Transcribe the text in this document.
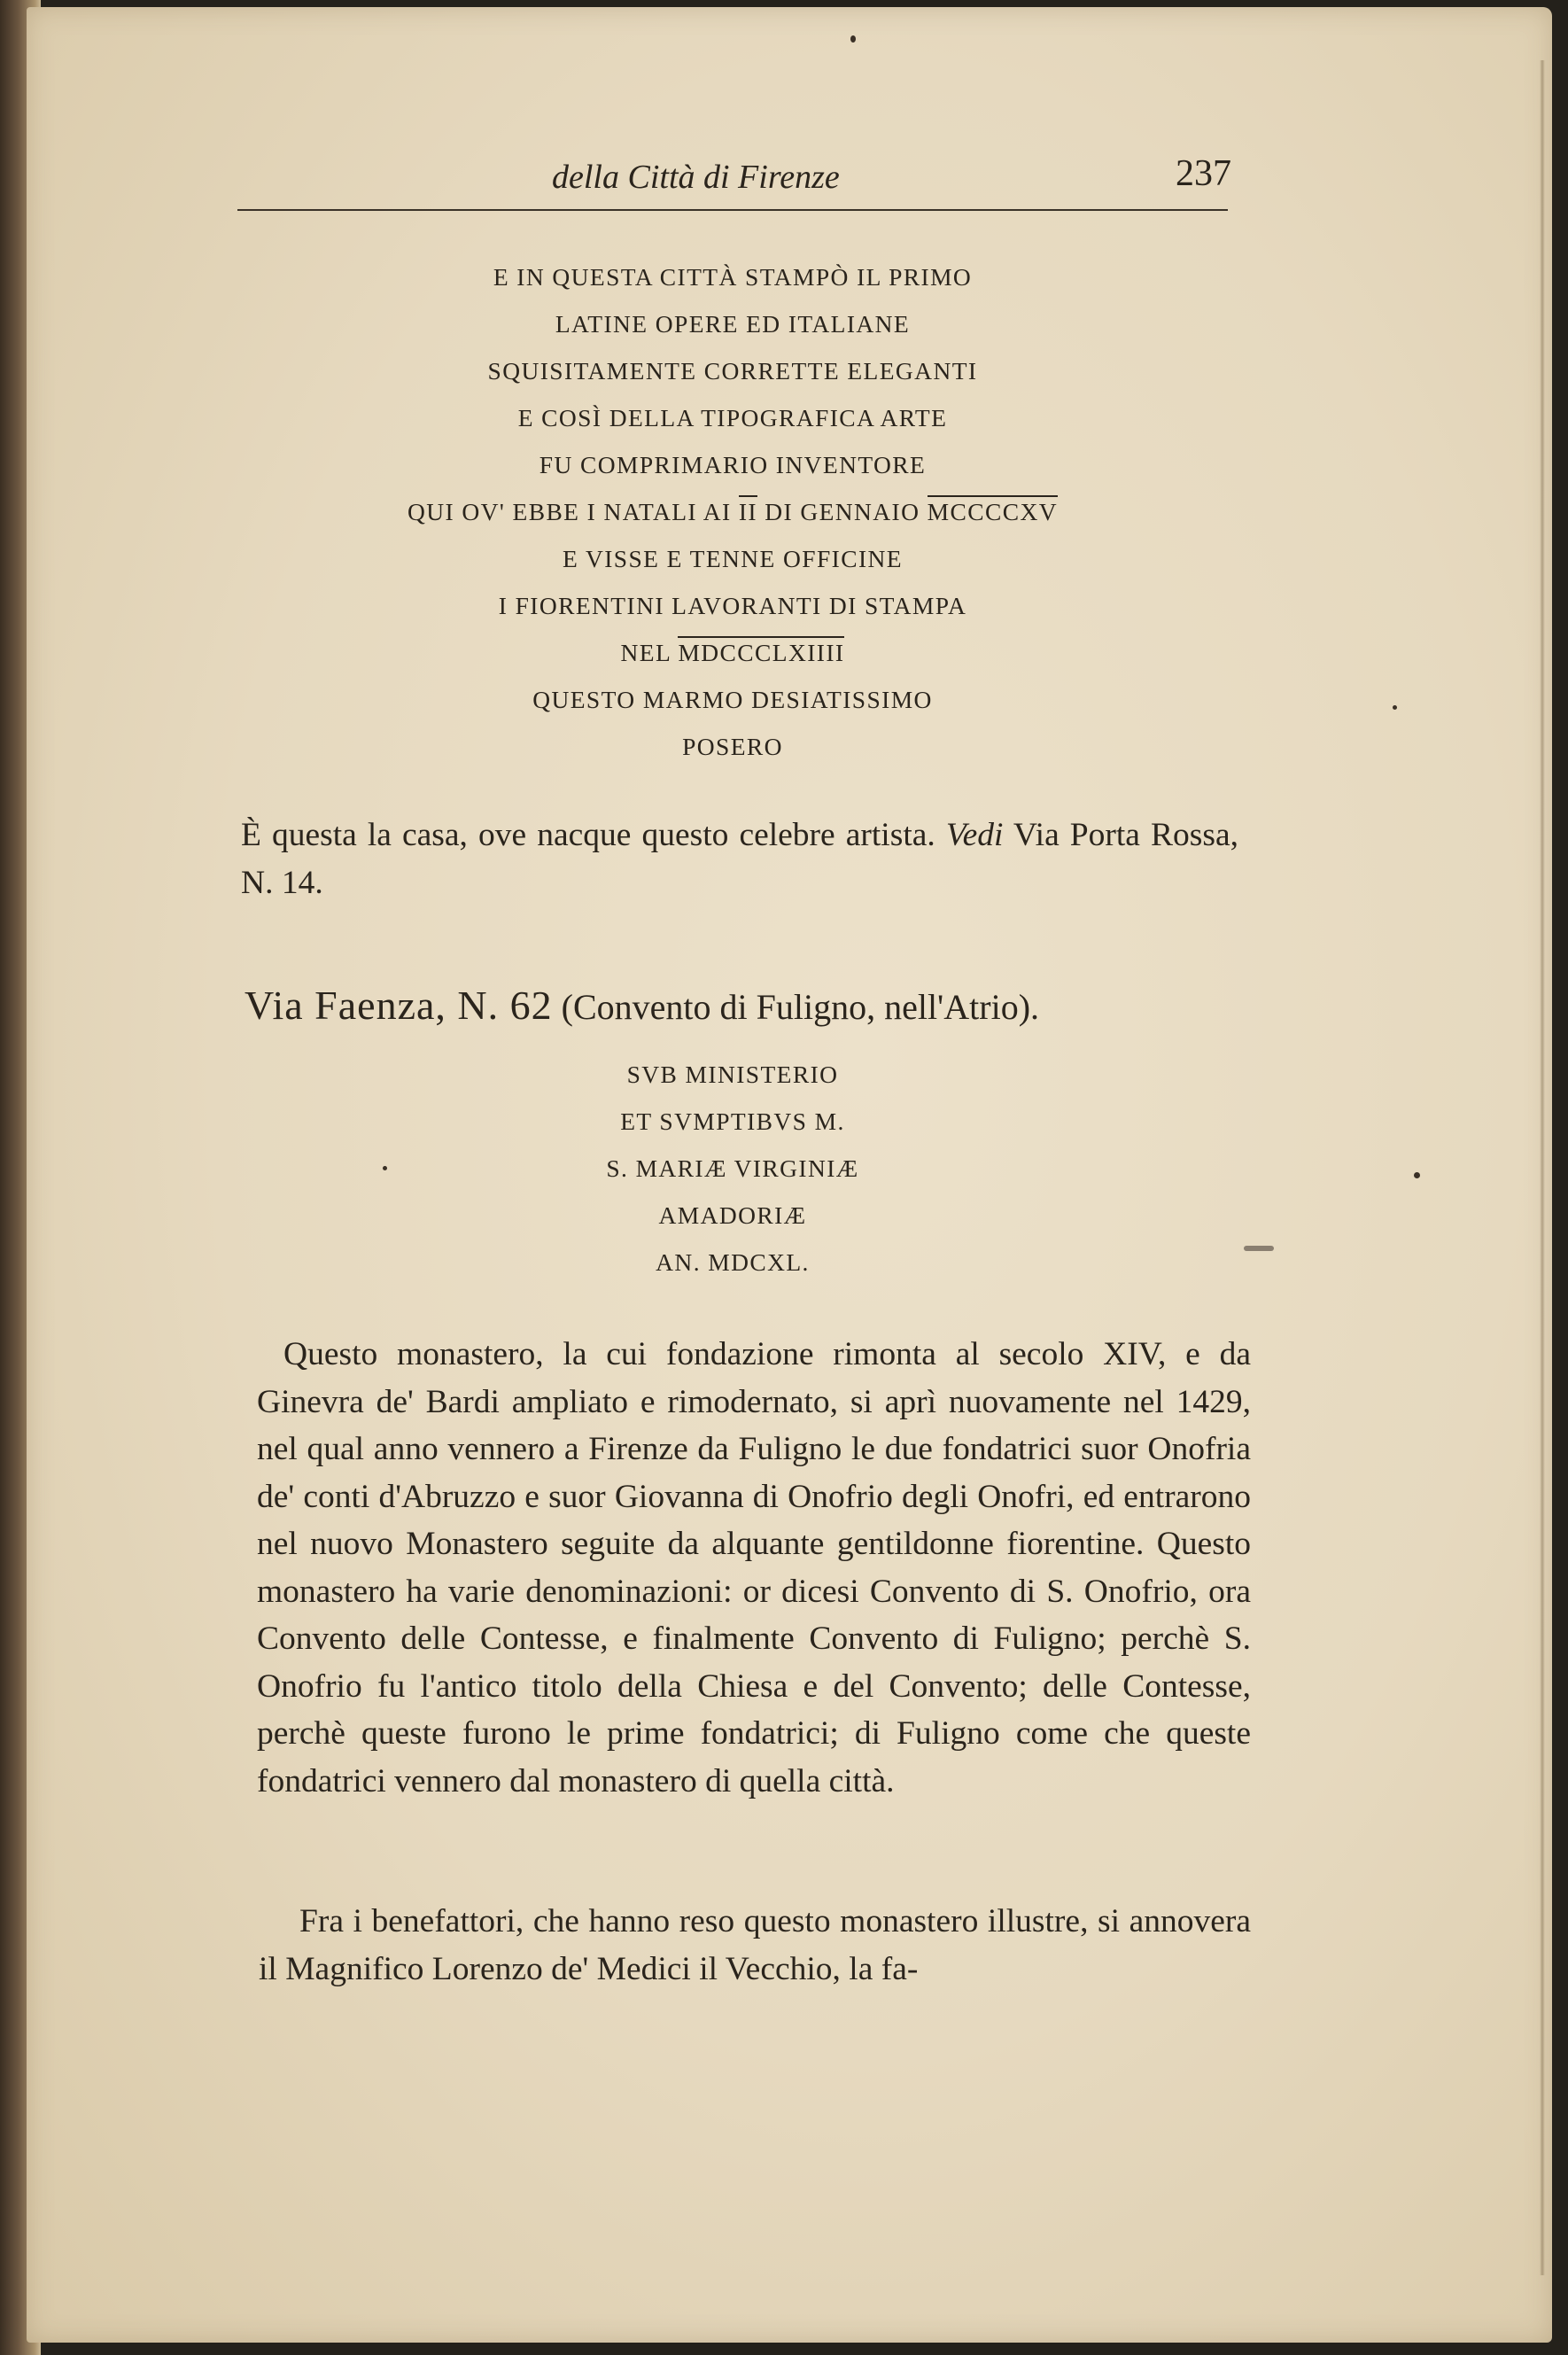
della Città di Firenze	237
E IN QUESTA CITTÀ STAMPÒ IL PRIMO
LATINE OPERE ED ITALIANE
SQUISITAMENTE CORRETTE ELEGANTI
E COSÌ DELLA TIPOGRAFICA ARTE
FU COMPRIMARIO INVENTORE
QUI OV' EBBE I NATALI AI II DI GENNAIO MCCCCXV
E VISSE E TENNE OFFICINE
I FIORENTINI LAVORANTI DI STAMPA
NEL MDCCCLXIIII
QUESTO MARMO DESIATISSIMO
POSERO

È questa la casa, ove nacque questo celebre artista. Vedi Via Porta Rossa, N. 14.

Via Faenza, N. 62 (Convento di Fuligno, nell'Atrio).
SVB MINISTERIO
ET SVMPTIBVS M.
S. MARIÆ VIRGINIÆ
AMADORIÆ
AN. MDCXL.

Questo monastero, la cui fondazione rimonta al secolo XIV, e da Ginevra de' Bardi ampliato e rimodernato, si aprì nuovamente nel 1429, nel qual anno vennero a Firenze da Fuligno le due fondatrici suor Onofria de' conti d'Abruzzo e suor Giovanna di Onofrio degli Onofri, ed entrarono nel nuovo Monastero seguite da alquante gentildonne fiorentine. Questo monastero ha varie denominazioni: or dicesi Convento di S. Onofrio, ora Convento delle Contesse, e finalmente Convento di Fuligno; perchè S. Onofrio fu l'antico titolo della Chiesa e del Convento; delle Contesse, perchè queste furono le prime fondatrici; di Fuligno come che queste fondatrici vennero dal monastero di quella città.

Fra i benefattori, che hanno reso questo monastero illustre, si annovera il Magnifico Lorenzo de' Medici il Vecchio, la fa-
